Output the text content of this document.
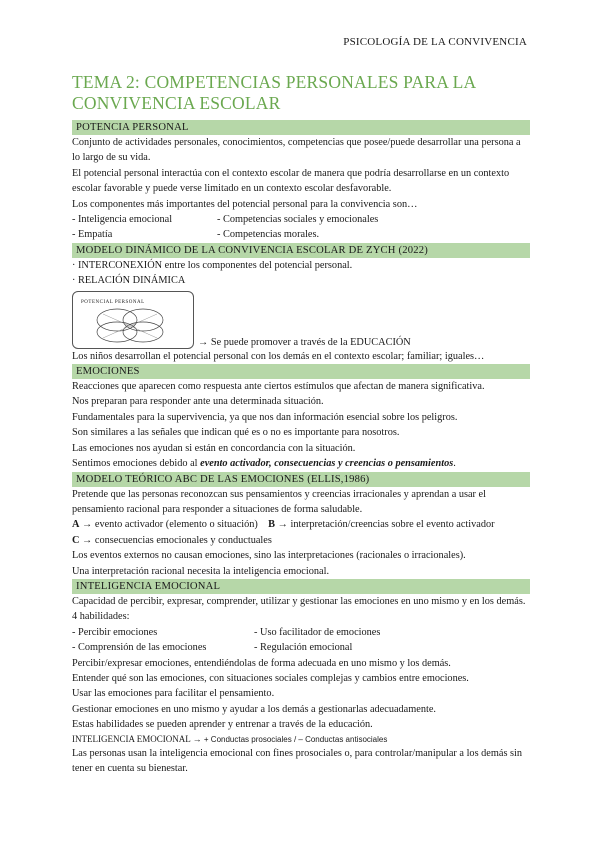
PSICOLOGÍA DE LA CONVIVENCIA
TEMA 2: COMPETENCIAS PERSONALES PARA LA CONVIVENCIA ESCOLAR
POTENCIA PERSONAL

Conjunto de actividades personales, conocimientos, competencias que posee/puede desarrollar una persona a lo largo de su vida.

El potencial personal interactúa con el contexto escolar de manera que podría desarrollarse en un contexto escolar favorable y puede verse limitado en un contexto escolar desfavorable.

Los componentes más importantes del potencial personal para la convivencia son…

- Inteligencia emocional	- Competencias sociales y emocionales
- Empatía	- Competencias morales.
MODELO DINÁMICO DE LA CONVIVENCIA ESCOLAR DE ZYCH (2022)

· INTERCONEXIÓN entre los componentes del potencial personal.

· RELACIÓN DINÁMICA

POTENCIAL PERSONAL
→ Se puede promover a través de la EDUCACIÓN

Los niños desarrollan el potencial personal con los demás en el contexto escolar; familiar; iguales…

EMOCIONES

Reacciones que aparecen como respuesta ante ciertos estímulos que afectan de manera significativa.

Nos preparan para responder ante una determinada situación.

Fundamentales para la supervivencia, ya que nos dan información esencial sobre los peligros.

Son similares a las señales que indican qué es o no es importante para nosotros.

Las emociones nos ayudan si están en concordancia con la situación.

Sentimos emociones debido al evento activador, consecuencias y creencias o pensamientos.

MODELO TEÓRICO ABC DE LAS EMOCIONES (ELLIS,1986)

Pretende que las personas reconozcan sus pensamientos y creencias irracionales y aprendan a usar el pensamiento racional para responder a situaciones de forma saludable.

A → evento activador (elemento o situación) B → interpretación/creencias sobre el evento activador

C → consecuencias emocionales y conductuales

Los eventos externos no causan emociones, sino las interpretaciones (racionales o irracionales).

Una interpretación racional necesita la inteligencia emocional.

INTELIGENCIA EMOCIONAL

Capacidad de percibir, expresar, comprender, utilizar y gestionar las emociones en uno mismo y en los demás. 4 habilidades:

- Percibir emociones	- Uso facilitador de emociones
- Comprensión de las emociones	- Regulación emocional

Percibir/expresar emociones, entendiéndolas de forma adecuada en uno mismo y los demás.

Entender qué son las emociones, con situaciones sociales complejas y cambios entre emociones.

Usar las emociones para facilitar el pensamiento.

Gestionar emociones en uno mismo y ayudar a los demás a gestionarlas adecuadamente.

Estas habilidades se pueden aprender y entrenar a través de la educación.

INTELIGENCIA EMOCIONAL → + Conductas prosociales / – Conductas antisociales

Las personas usan la inteligencia emocional con fines prosociales o, para controlar/manipular a los demás sin tener en cuenta su bienestar.
